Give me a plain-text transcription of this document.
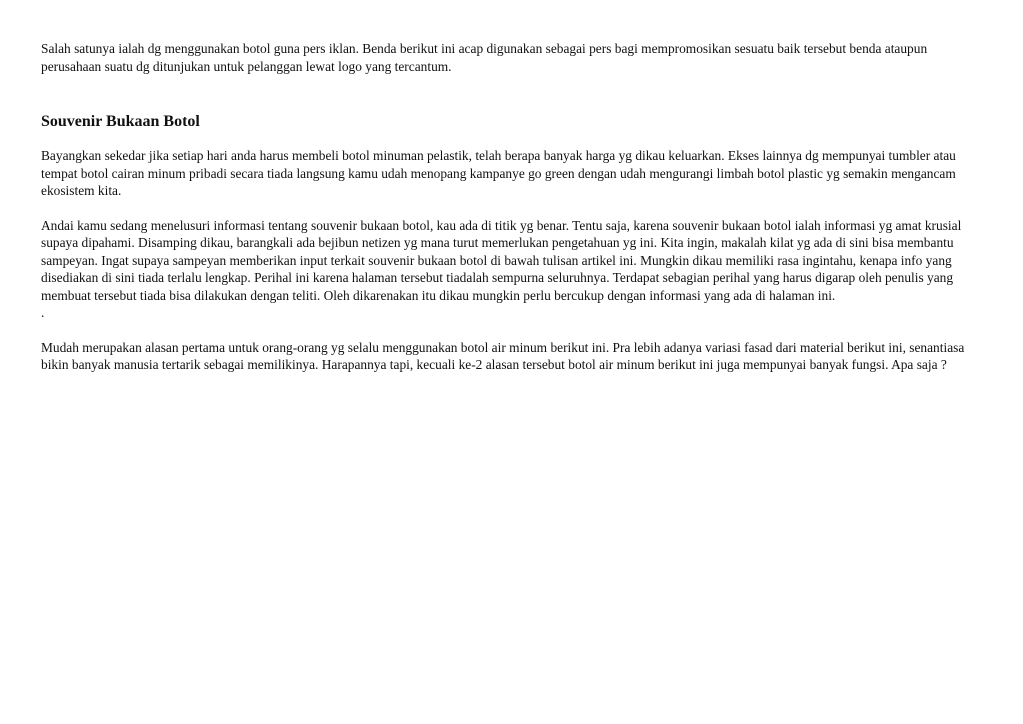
Salah satunya ialah dg menggunakan botol guna pers iklan. Benda berikut ini acap digunakan sebagai pers bagi mempromosikan sesuatu baik tersebut benda ataupun perusahaan suatu dg ditunjukan untuk pelanggan lewat logo yang tercantum.

Souvenir Bukaan Botol

Bayangkan sekedar jika setiap hari anda harus membeli botol minuman pelastik, telah berapa banyak harga yg dikau keluarkan. Ekses lainnya dg mempunyai tumbler atau tempat botol cairan minum pribadi secara tiada langsung kamu udah menopang kampanye go green dengan udah mengurangi limbah botol plastic yg semakin mengancam ekosistem kita.

Andai kamu sedang menelusuri informasi tentang souvenir bukaan botol, kau ada di titik yg benar. Tentu saja, karena souvenir bukaan botol ialah informasi yg amat krusial supaya dipahami. Disamping dikau, barangkali ada bejibun netizen yg mana turut memerlukan pengetahuan yg ini. Kita ingin, makalah kilat yg ada di sini bisa membantu sampeyan. Ingat supaya sampeyan memberikan input terkait souvenir bukaan botol di bawah tulisan artikel ini. Mungkin dikau memiliki rasa ingintahu, kenapa info yang disediakan di sini tiada terlalu lengkap. Perihal ini karena halaman tersebut tiadalah sempurna seluruhnya. Terdapat sebagian perihal yang harus digarap oleh penulis yang membuat tersebut tiada bisa dilakukan dengan teliti. Oleh dikarenakan itu dikau mungkin perlu bercukup dengan informasi yang ada di halaman ini.

.

Mudah merupakan alasan pertama untuk orang-orang yg selalu menggunakan botol air minum berikut ini. Pra lebih adanya variasi fasad dari material berikut ini, senantiasa bikin banyak manusia tertarik sebagai memilikinya. Harapannya tapi, kecuali ke-2 alasan tersebut botol air minum berikut ini juga mempunyai banyak fungsi. Apa saja ?
